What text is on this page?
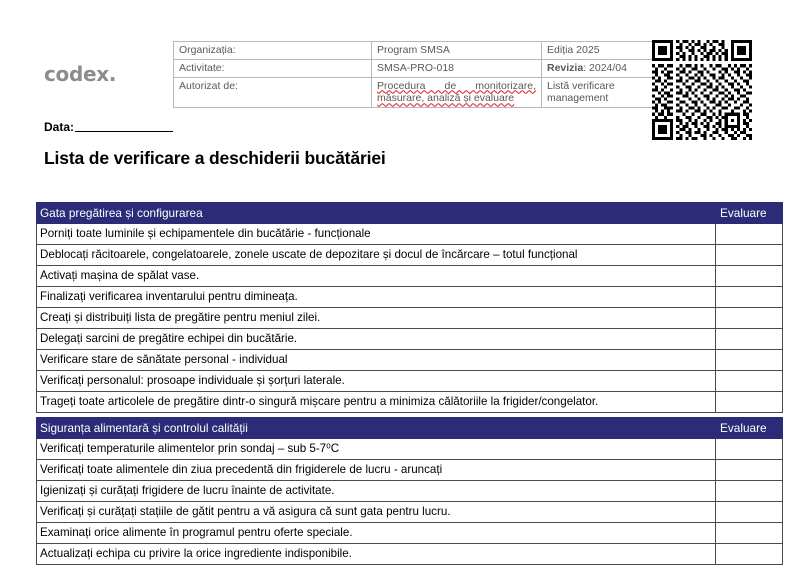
codex.
Organizația:	Program SMSA	Ediția 2025
Activitate:	SMSA-PRO-018	Revizia: 2024/04
Autorizat de:	Procedura de monitorizare, măsurare, analiză și evaluare	Listă verificare management
Data:
Lista de verificare a deschiderii bucătăriei
Gata pregătirea și configurarea	Evaluare
Porniți toate luminile și echipamentele din bucătărie - funcționale	
Deblocați răcitoarele, congelatoarele, zonele uscate de depozitare și docul de încărcare – totul funcțional	
Activați mașina de spălat vase.	
Finalizați verificarea inventarului pentru dimineața.	
Creați și distribuiți lista de pregătire pentru meniul zilei.	
Delegați sarcini de pregătire echipei din bucătărie.	
Verificare stare de sănătate personal - individual	
Verificați personalul: prosoape individuale și șorțuri laterale.	
Trageți toate articolele de pregătire dintr-o singură mișcare pentru a minimiza călătoriile la frigider/congelator.	
Siguranța alimentară și controlul calității	Evaluare
Verificați temperaturile alimentelor prin sondaj – sub 5-7⁰C	
Verificați toate alimentele din ziua precedentă din frigiderele de lucru - aruncați	
Igienizați și curățați frigidere de lucru înainte de activitate.	
Verificați și curățați stațiile de gătit pentru a vă asigura că sunt gata pentru lucru.	
Examinați orice alimente în programul pentru oferte speciale.	
Actualizați echipa cu privire la orice ingrediente indisponibile.	
